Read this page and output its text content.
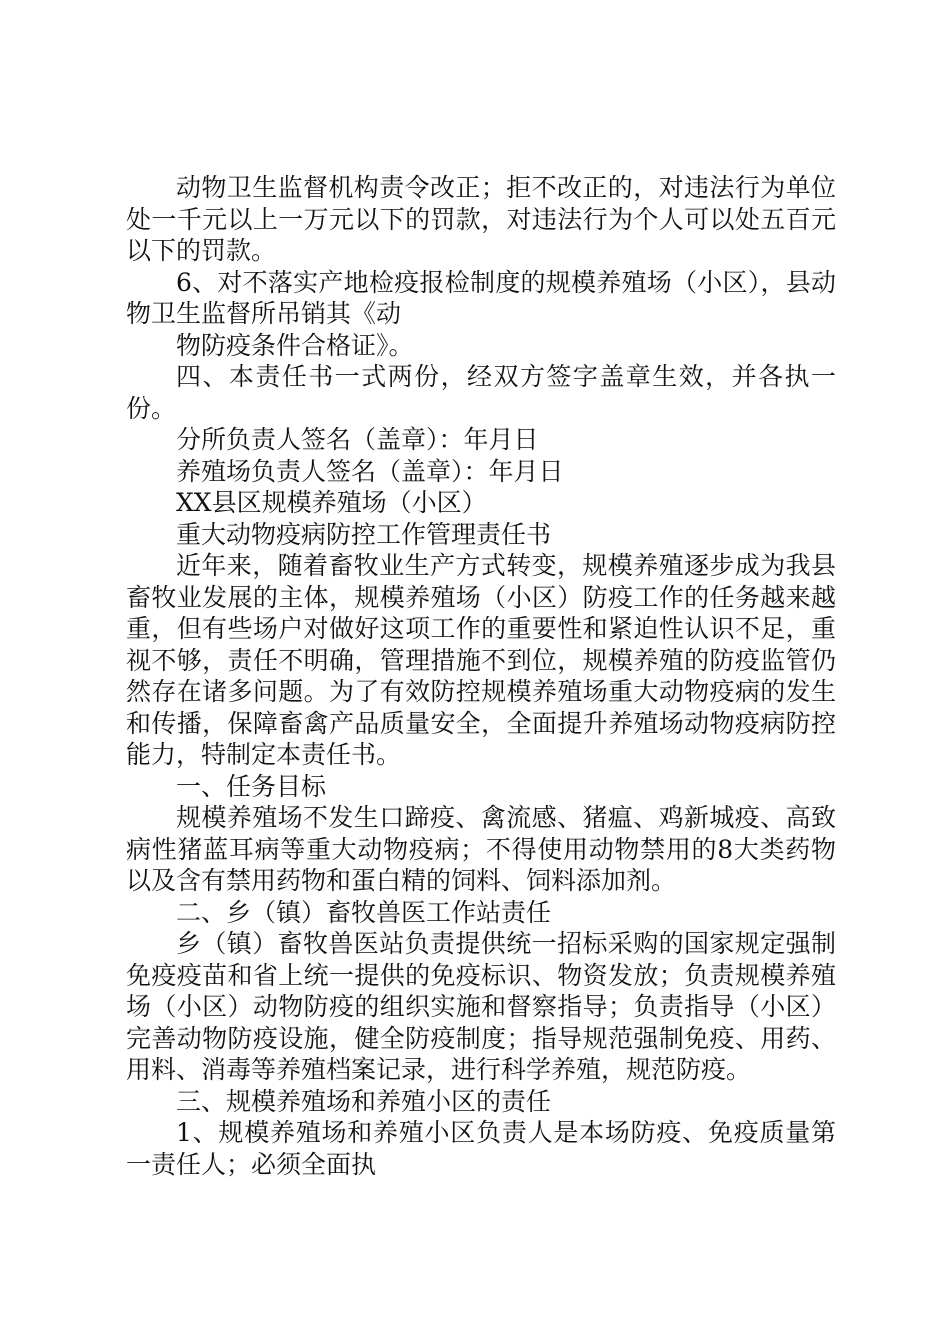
动物卫生监督机构责令改正；拒不改正的，对违法行为单位处一千元以上一万元以下的罚款，对违法行为个人可以处五百元以下的罚款。

6、对不落实产地检疫报检制度的规模养殖场（小区），县动物卫生监督所吊销其《动

物防疫条件合格证》。

四、本责任书一式两份，经双方签字盖章生效，并各执一份。

分所负责人签名（盖章）：年月日

养殖场负责人签名（盖章）：年月日

XX县区规模养殖场（小区）

重大动物疫病防控工作管理责任书

近年来，随着畜牧业生产方式转变，规模养殖逐步成为我县畜牧业发展的主体，规模养殖场（小区）防疫工作的任务越来越重，但有些场户对做好这项工作的重要性和紧迫性认识不足，重视不够，责任不明确，管理措施不到位，规模养殖的防疫监管仍然存在诸多问题。为了有效防控规模养殖场重大动物疫病的发生和传播，保障畜禽产品质量安全，全面提升养殖场动物疫病防控能力，特制定本责任书。

一、任务目标

规模养殖场不发生口蹄疫、禽流感、猪瘟、鸡新城疫、高致病性猪蓝耳病等重大动物疫病；不得使用动物禁用的8大类药物以及含有禁用药物和蛋白精的饲料、饲料添加剂。

二、乡（镇）畜牧兽医工作站责任

乡（镇）畜牧兽医站负责提供统一招标采购的国家规定强制免疫疫苗和省上统一提供的免疫标识、物资发放；负责规模养殖场（小区）动物防疫的组织实施和督察指导；负责指导（小区）完善动物防疫设施，健全防疫制度；指导规范强制免疫、用药、用料、消毒等养殖档案记录，进行科学养殖，规范防疫。

三、规模养殖场和养殖小区的责任

1、规模养殖场和养殖小区负责人是本场防疫、免疫质量第一责任人；必须全面执
